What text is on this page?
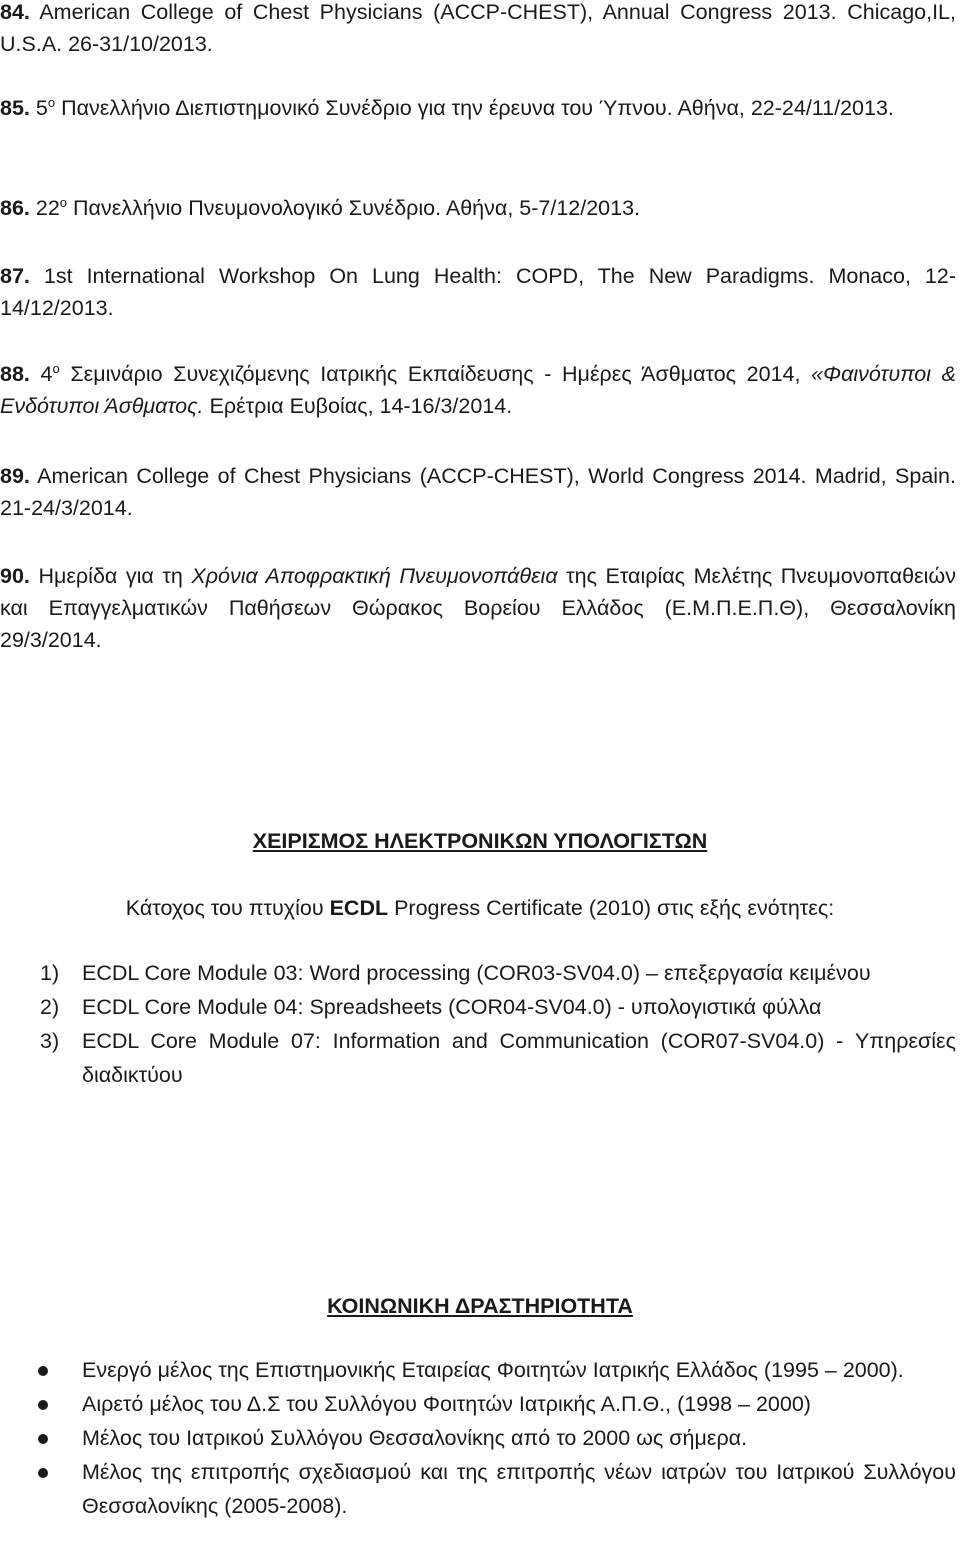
84. American College of Chest Physicians (ACCP-CHEST), Annual Congress 2013. Chicago,IL, U.S.A. 26-31/10/2013.
85. $5^o$ Πανελλήνιο Διεπιστημονικό Συνέδριο για την έρευνα του Ύπνου. Αθήνα, 22-24/11/2013.
86. $22^o$ Πανελλήνιο Πνευμονολογικό Συνέδριο. Αθήνα, 5-7/12/2013.
87. 1st International Workshop On Lung Health: COPD, The New Paradigms. Monaco, 12-14/12/2013.
88. $4^o$ Σεμινάριο Συνεχιζόμενης Ιατρικής Εκπαίδευσης - Ημέρες Άσθματος 2014, «Φαινότυποι & Ενδότυποι Άσθματος. Ερέτρια Ευβοίας, 14-16/3/2014.
89. American College of Chest Physicians (ACCP-CHEST), World Congress 2014. Madrid, Spain. 21-24/3/2014.
90. Ημερίδα για τη Χρόνια Αποφρακτική Πνευμονοπάθεια της Εταιρίας Μελέτης Πνευμονοπαθειών και Επαγγελματικών Παθήσεων Θώρακος Βορείου Ελλάδος (Ε.Μ.Π.Ε.Π.Θ), Θεσσαλονίκη 29/3/2014.
ΧΕΙΡΙΣΜΟΣ ΗΛΕΚΤΡΟΝΙΚΩΝ ΥΠΟΛΟΓΙΣΤΩΝ
Κάτοχος του πτυχίου ECDL Progress Certificate (2010) στις εξής ενότητες:
1) ECDL Core Module 03: Word processing (COR03-SV04.0) – επεξεργασία κειμένου
2) ECDL Core Module 04: Spreadsheets (COR04-SV04.0) - υπολογιστικά φύλλα
3) ECDL Core Module 07: Information and Communication (COR07-SV04.0) - Υπηρεσίες διαδικτύου
ΚΟΙΝΩΝΙΚΗ ΔΡΑΣΤΗΡΙΟΤΗΤΑ
Ενεργό μέλος της Επιστημονικής Εταιρείας Φοιτητών Ιατρικής Ελλάδος (1995 – 2000).
Αιρετό μέλος του Δ.Σ του Συλλόγου Φοιτητών Ιατρικής Α.Π.Θ., (1998 – 2000)
Μέλος του Ιατρικού Συλλόγου Θεσσαλονίκης από το 2000 ως σήμερα.
Μέλος της επιτροπής σχεδιασμού και της επιτροπής νέων ιατρών του Ιατρικού Συλλόγου Θεσσαλονίκης (2005-2008).
